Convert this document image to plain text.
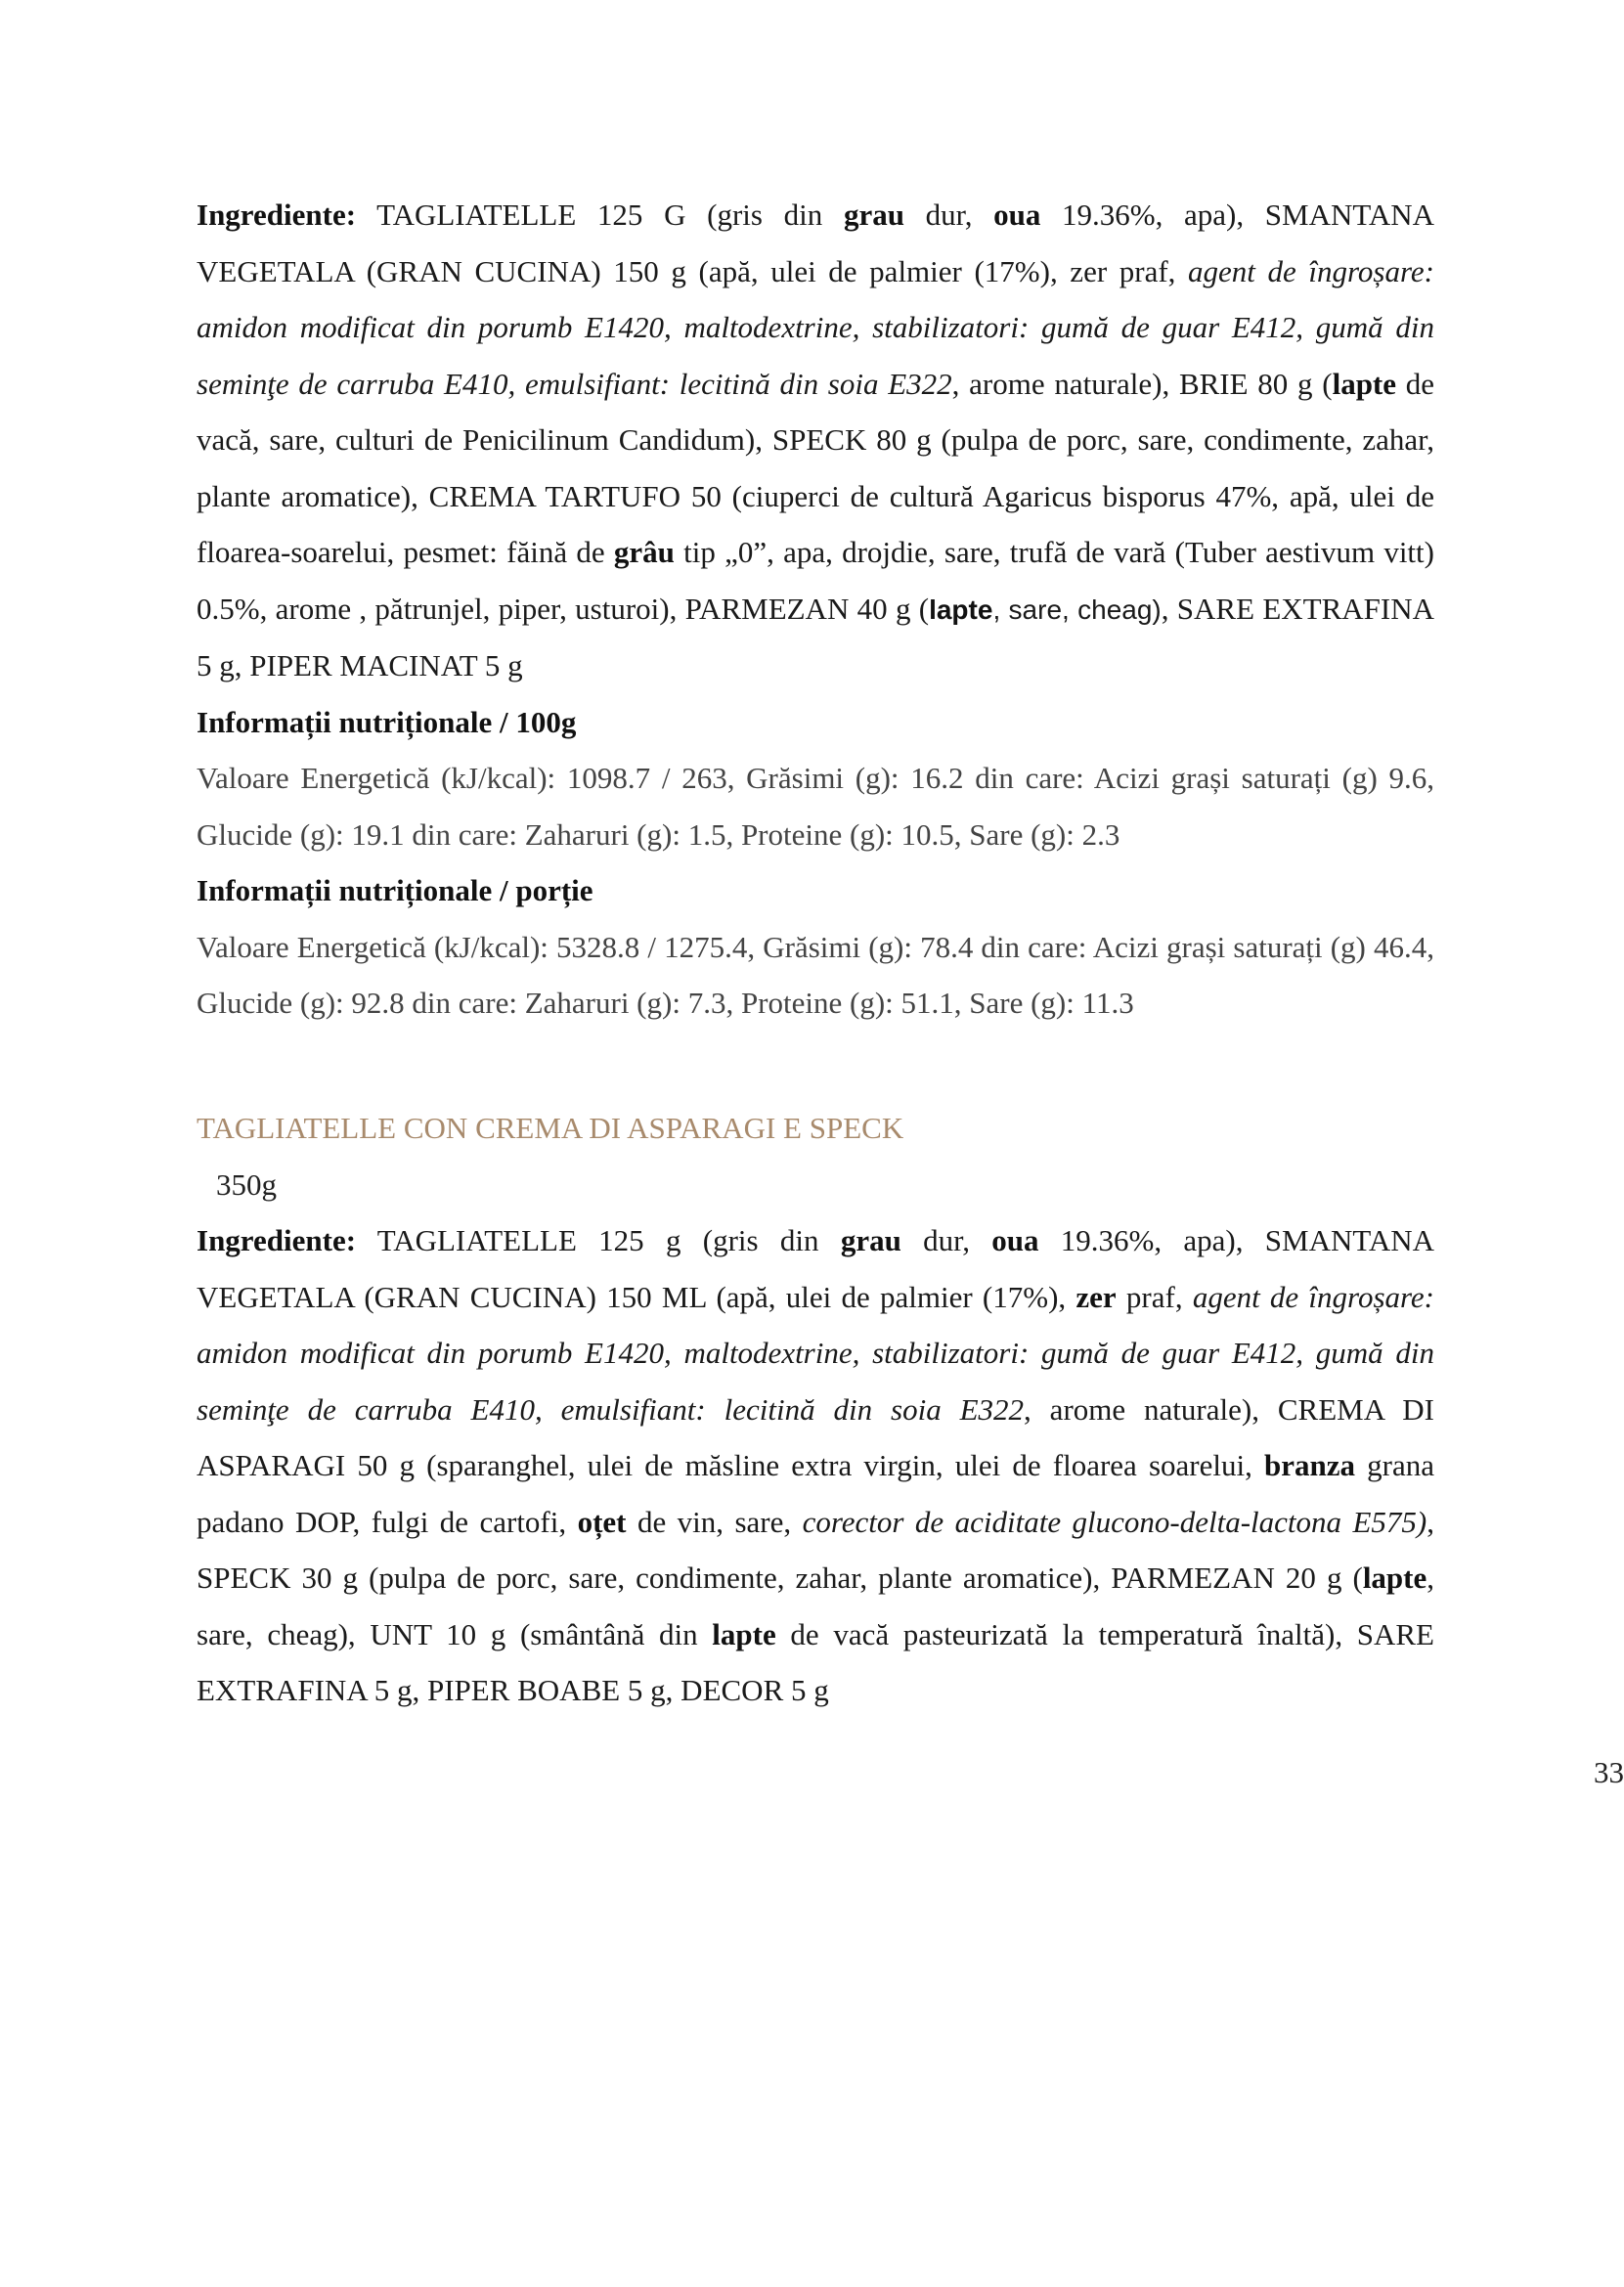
Ingrediente: TAGLIATELLE 125 G (gris din grau dur, oua 19.36%, apa), SMANTANA VEGETALA (GRAN CUCINA) 150 g (apă, ulei de palmier (17%), zer praf, agent de îngroșare: amidon modificat din porumb E1420, maltodextrine, stabilizatori: gumă de guar E412, gumă din seminţe de carruba E410, emulsifiant: lecitină din soia E322, arome naturale), BRIE 80 g (lapte de vacă, sare, culturi de Penicilinum Candidum), SPECK 80 g (pulpa de porc, sare, condimente, zahar, plante aromatice), CREMA TARTUFO 50 (ciuperci de cultură Agaricus bisporus 47%, apă, ulei de floarea-soarelui, pesmet: făină de grâu tip „0”, apa, drojdie, sare, trufă de vară (Tuber aestivum vitt) 0.5%, arome , pătrunjel, piper, usturoi), PARMEZAN 40 g (lapte, sare, cheag), SARE EXTRAFINA 5 g, PIPER MACINAT 5 g

Informații nutriționale / 100g

Valoare Energetică (kJ/kcal): 1098.7 / 263, Grăsimi (g): 16.2 din care: Acizi grași saturați (g) 9.6, Glucide (g): 19.1 din care: Zaharuri (g): 1.5, Proteine (g): 10.5, Sare (g): 2.3

Informații nutriționale / porție

Valoare Energetică (kJ/kcal): 5328.8 / 1275.4, Grăsimi (g): 78.4 din care: Acizi grași saturați (g) 46.4, Glucide (g): 92.8 din care: Zaharuri (g): 7.3, Proteine (g): 51.1, Sare (g): 11.3

TAGLIATELLE CON CREMA DI ASPARAGI E SPECK

350g

Ingrediente: TAGLIATELLE 125 g (gris din grau dur, oua 19.36%, apa), SMANTANA VEGETALA (GRAN CUCINA) 150 ML (apă, ulei de palmier (17%), zer praf, agent de îngroșare: amidon modificat din porumb E1420, maltodextrine, stabilizatori: gumă de guar E412, gumă din seminţe de carruba E410, emulsifiant: lecitină din soia E322, arome naturale), CREMA DI ASPARAGI 50 g (sparanghel, ulei de măsline extra virgin, ulei de floarea soarelui, branza grana padano DOP, fulgi de cartofi, oțet de vin, sare, corector de aciditate glucono-delta-lactona E575), SPECK 30 g (pulpa de porc, sare, condimente, zahar, plante aromatice), PARMEZAN 20 g (lapte, sare, cheag), UNT 10 g (smântână din lapte de vacă pasteurizată la temperatură înaltă), SARE EXTRAFINA 5 g, PIPER BOABE 5 g, DECOR 5 g

33
